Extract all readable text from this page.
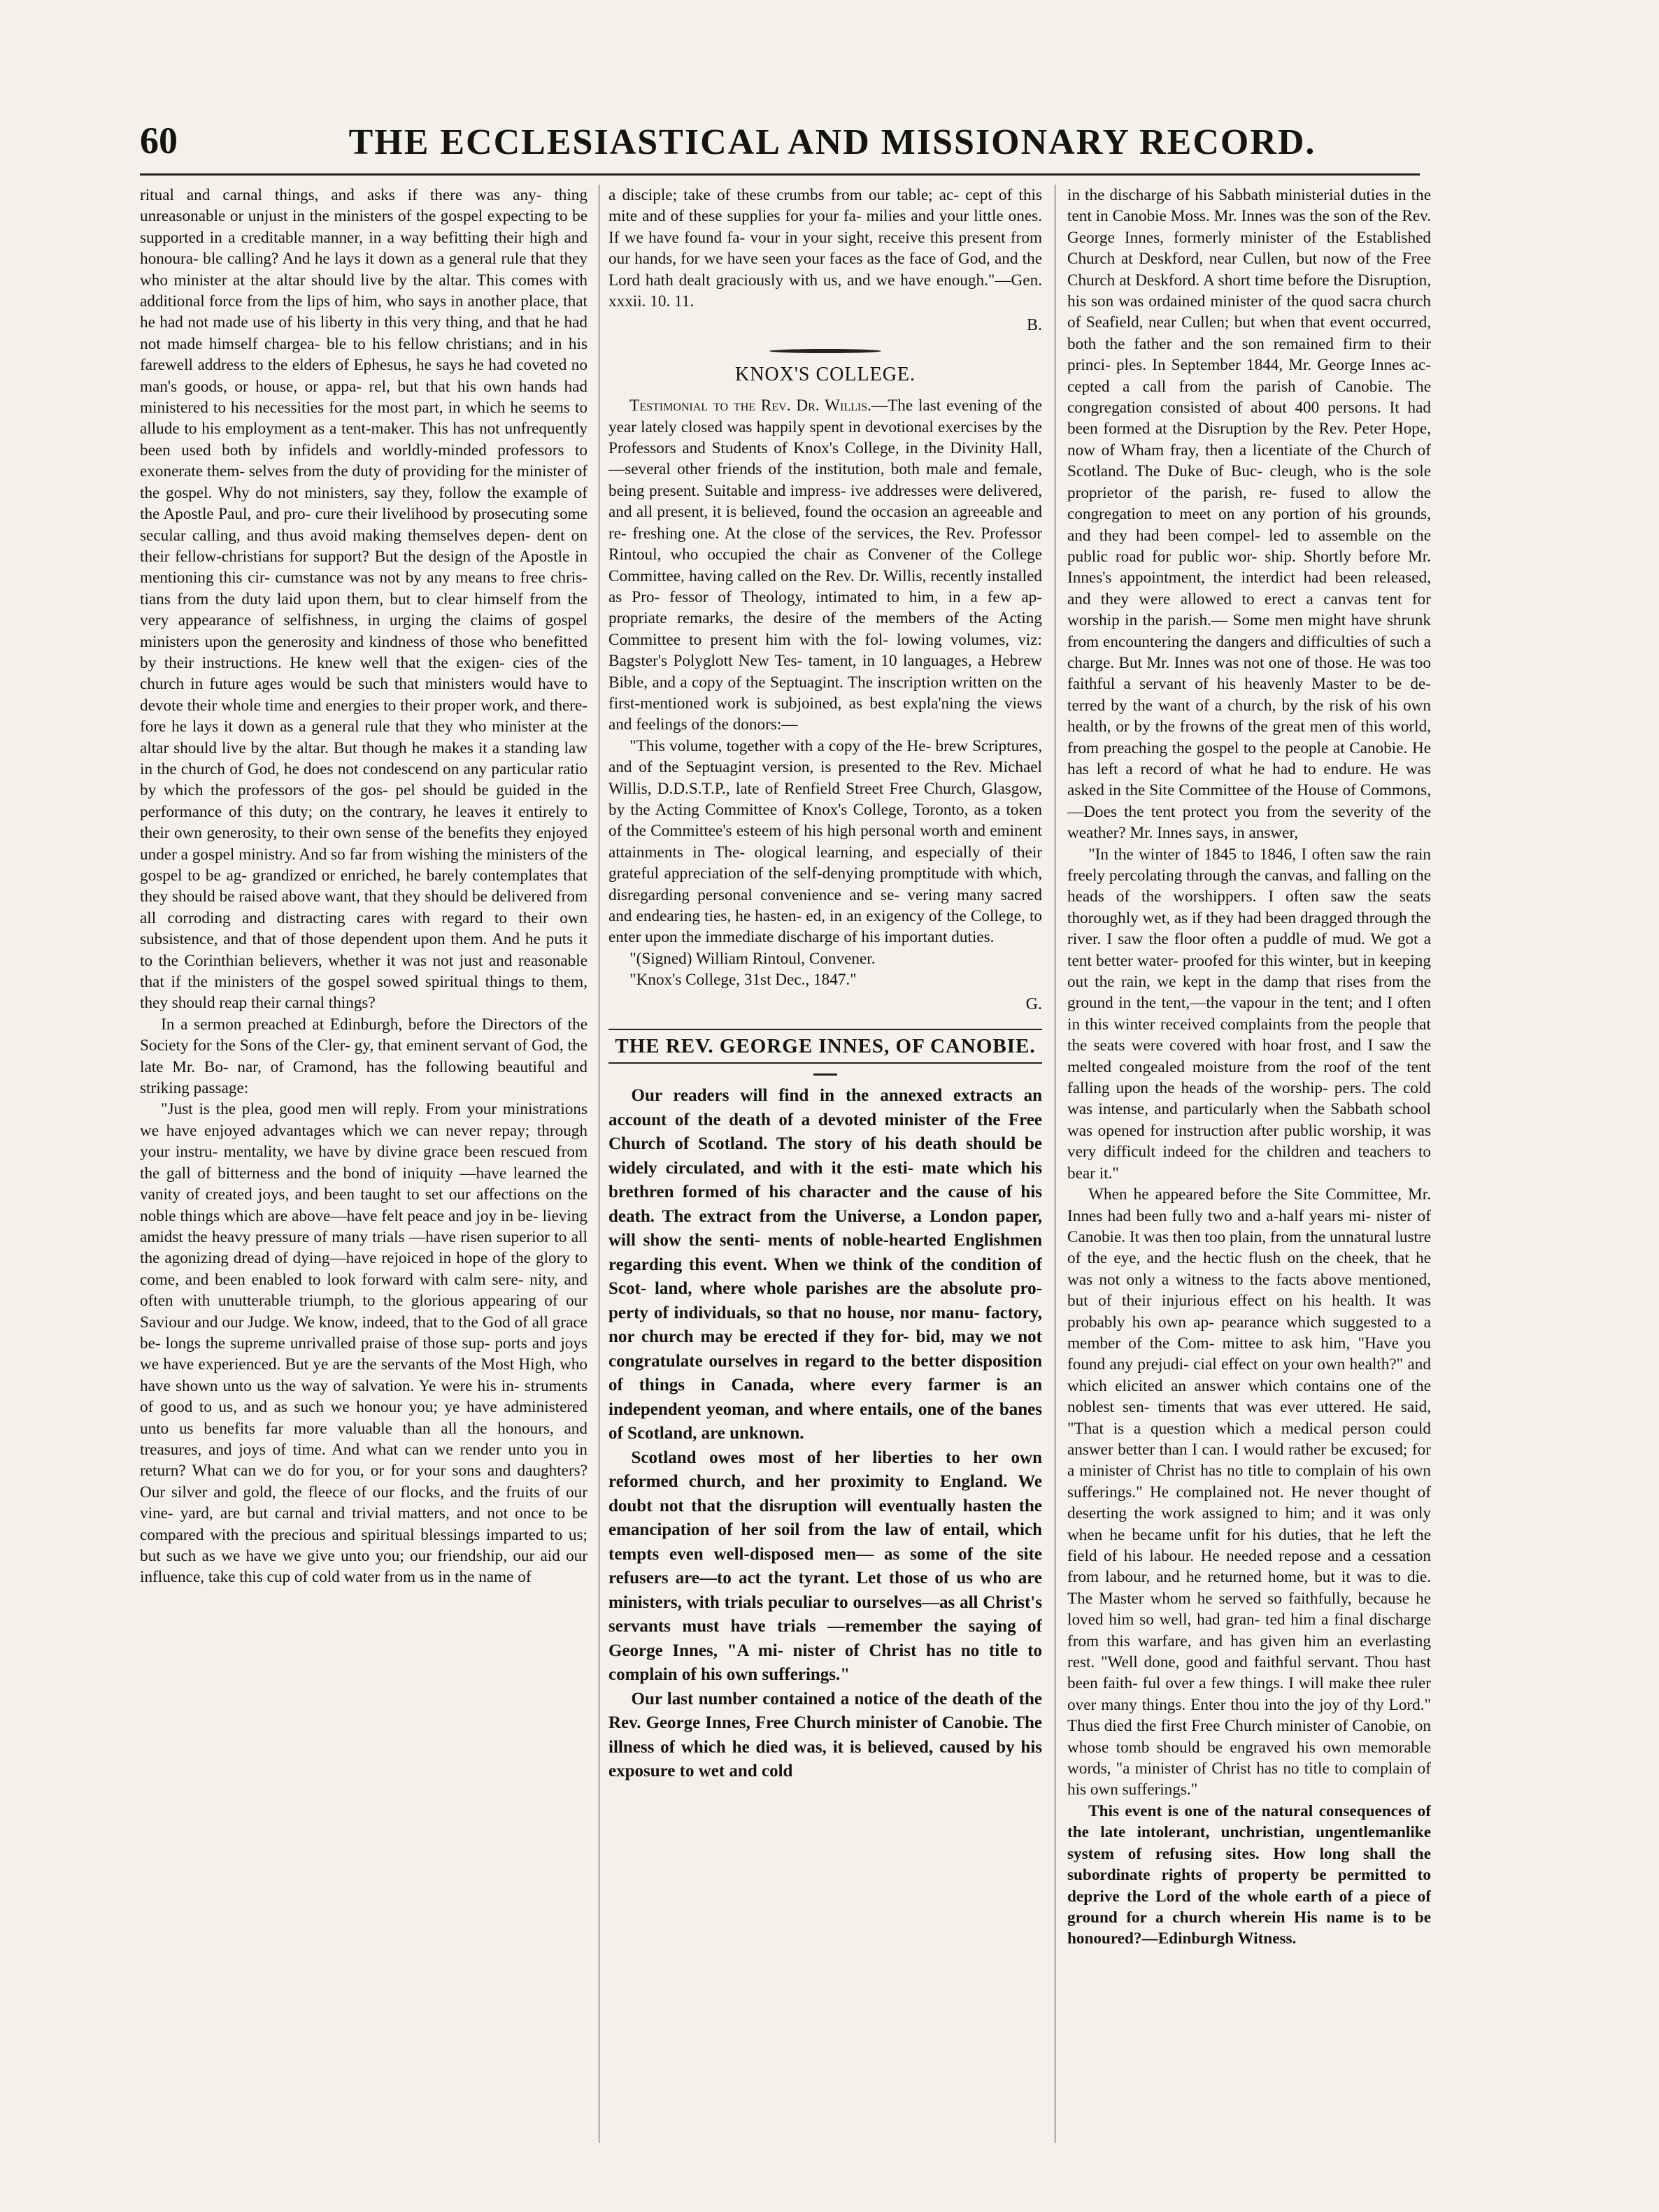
60	THE ECCLESIASTICAL AND MISSIONARY RECORD.

ritual and carnal things, and asks if there was any- thing unreasonable or unjust in the ministers of the gospel expecting to be supported in a creditable manner, in a way befitting their high and honoura- ble calling? And he lays it down as a general rule that they who minister at the altar should live by the altar. This comes with additional force from the lips of him, who says in another place, that he had not made use of his liberty in this very thing, and that he had not made himself chargea- ble to his fellow christians; and in his farewell address to the elders of Ephesus, he says he had coveted no man's goods, or house, or appa- rel, but that his own hands had ministered to his necessities for the most part, in which he seems to allude to his employment as a tent-maker. This has not unfrequently been used both by infidels and worldly-minded professors to exonerate them- selves from the duty of providing for the minister of the gospel. Why do not ministers, say they, follow the example of the Apostle Paul, and pro- cure their livelihood by prosecuting some secular calling, and thus avoid making themselves depen- dent on their fellow-christians for support? But the design of the Apostle in mentioning this cir- cumstance was not by any means to free chris- tians from the duty laid upon them, but to clear himself from the very appearance of selfishness, in urging the claims of gospel ministers upon the generosity and kindness of those who benefitted by their instructions. He knew well that the exigen- cies of the church in future ages would be such that ministers would have to devote their whole time and energies to their proper work, and there- fore he lays it down as a general rule that they who minister at the altar should live by the altar. But though he makes it a standing law in the church of God, he does not condescend on any particular ratio by which the professors of the gos- pel should be guided in the performance of this duty; on the contrary, he leaves it entirely to their own generosity, to their own sense of the benefits they enjoyed under a gospel ministry. And so far from wishing the ministers of the gospel to be ag- grandized or enriched, he barely contemplates that they should be raised above want, that they should be delivered from all corroding and distracting cares with regard to their own subsistence, and that of those dependent upon them. And he puts it to the Corinthian believers, whether it was not just and reasonable that if the ministers of the gospel sowed spiritual things to them, they should reap their carnal things?

In a sermon preached at Edinburgh, before the Directors of the Society for the Sons of the Cler- gy, that eminent servant of God, the late Mr. Bo- nar, of Cramond, has the following beautiful and striking passage:

"Just is the plea, good men will reply. From your ministrations we have enjoyed advantages which we can never repay; through your instru- mentality, we have by divine grace been rescued from the gall of bitterness and the bond of iniquity —have learned the vanity of created joys, and been taught to set our affections on the noble things which are above—have felt peace and joy in be- lieving amidst the heavy pressure of many trials —have risen superior to all the agonizing dread of dying—have rejoiced in hope of the glory to come, and been enabled to look forward with calm sere- nity, and often with unutterable triumph, to the glorious appearing of our Saviour and our Judge. We know, indeed, that to the God of all grace be- longs the supreme unrivalled praise of those sup- ports and joys we have experienced. But ye are the servants of the Most High, who have shown unto us the way of salvation. Ye were his in- struments of good to us, and as such we honour you; ye have administered unto us benefits far more valuable than all the honours, and treasures, and joys of time. And what can we render unto you in return? What can we do for you, or for your sons and daughters? Our silver and gold, the fleece of our flocks, and the fruits of our vine- yard, are but carnal and trivial matters, and not once to be compared with the precious and spiritual blessings imparted to us; but such as we have we give unto you; our friendship, our aid our influence, take this cup of cold water from us in the name of

a disciple; take of these crumbs from our table; ac- cept of this mite and of these supplies for your fa- milies and your little ones. If we have found fa- vour in your sight, receive this present from our hands, for we have seen your faces as the face of God, and the Lord hath dealt graciously with us, and we have enough."—Gen. xxxii. 10. 11.

B.
KNOX'S COLLEGE.

Testimonial to the Rev. Dr. Willis.—The last evening of the year lately closed was happily spent in devotional exercises by the Professors and Students of Knox's College, in the Divinity Hall, —several other friends of the institution, both male and female, being present. Suitable and impress- ive addresses were delivered, and all present, it is believed, found the occasion an agreeable and re- freshing one. At the close of the services, the Rev. Professor Rintoul, who occupied the chair as Convener of the College Committee, having called on the Rev. Dr. Willis, recently installed as Pro- fessor of Theology, intimated to him, in a few ap- propriate remarks, the desire of the members of the Acting Committee to present him with the fol- lowing volumes, viz: Bagster's Polyglott New Tes- tament, in 10 languages, a Hebrew Bible, and a copy of the Septuagint. The inscription written on the first-mentioned work is subjoined, as best expla'ning the views and feelings of the donors:—

"This volume, together with a copy of the He- brew Scriptures, and of the Septuagint version, is presented to the Rev. Michael Willis, D.D.S.T.P., late of Renfield Street Free Church, Glasgow, by the Acting Committee of Knox's College, Toronto, as a token of the Committee's esteem of his high personal worth and eminent attainments in The- ological learning, and especially of their grateful appreciation of the self-denying promptitude with which, disregarding personal convenience and se- vering many sacred and endearing ties, he hasten- ed, in an exigency of the College, to enter upon the immediate discharge of his important duties.

"(Signed) William Rintoul, Convener.

"Knox's College, 31st Dec., 1847."

G.
THE REV. GEORGE INNES, OF CANOBIE.

Our readers will find in the annexed extracts an account of the death of a devoted minister of the Free Church of Scotland. The story of his death should be widely circulated, and with it the esti- mate which his brethren formed of his character and the cause of his death. The extract from the Universe, a London paper, will show the senti- ments of noble-hearted Englishmen regarding this event. When we think of the condition of Scot- land, where whole parishes are the absolute pro- perty of individuals, so that no house, nor manu- factory, nor church may be erected if they for- bid, may we not congratulate ourselves in regard to the better disposition of things in Canada, where every farmer is an independent yeoman, and where entails, one of the banes of Scotland, are unknown.

Scotland owes most of her liberties to her own reformed church, and her proximity to England. We doubt not that the disruption will eventually hasten the emancipation of her soil from the law of entail, which tempts even well-disposed men— as some of the site refusers are—to act the tyrant. Let those of us who are ministers, with trials peculiar to ourselves—as all Christ's servants must have trials —remember the saying of George Innes, "A mi- nister of Christ has no title to complain of his own sufferings."

Our last number contained a notice of the death of the Rev. George Innes, Free Church minister of Canobie. The illness of which he died was, it is believed, caused by his exposure to wet and cold

in the discharge of his Sabbath ministerial duties in the tent in Canobie Moss. Mr. Innes was the son of the Rev. George Innes, formerly minister of the Established Church at Deskford, near Cullen, but now of the Free Church at Deskford. A short time before the Disruption, his son was ordained minister of the quod sacra church of Seafield, near Cullen; but when that event occurred, both the father and the son remained firm to their princi- ples. In September 1844, Mr. George Innes ac- cepted a call from the parish of Canobie. The congregation consisted of about 400 persons. It had been formed at the Disruption by the Rev. Peter Hope, now of Wham fray, then a licentiate of the Church of Scotland. The Duke of Buc- cleugh, who is the sole proprietor of the parish, re- fused to allow the congregation to meet on any portion of his grounds, and they had been compel- led to assemble on the public road for public wor- ship. Shortly before Mr. Innes's appointment, the interdict had been released, and they were allowed to erect a canvas tent for worship in the parish.— Some men might have shrunk from encountering the dangers and difficulties of such a charge. But Mr. Innes was not one of those. He was too faithful a servant of his heavenly Master to be de- terred by the want of a church, by the risk of his own health, or by the frowns of the great men of this world, from preaching the gospel to the people at Canobie. He has left a record of what he had to endure. He was asked in the Site Committee of the House of Commons,—Does the tent protect you from the severity of the weather? Mr. Innes says, in answer,

"In the winter of 1845 to 1846, I often saw the rain freely percolating through the canvas, and falling on the heads of the worshippers. I often saw the seats thoroughly wet, as if they had been dragged through the river. I saw the floor often a puddle of mud. We got a tent better water- proofed for this winter, but in keeping out the rain, we kept in the damp that rises from the ground in the tent,—the vapour in the tent; and I often in this winter received complaints from the people that the seats were covered with hoar frost, and I saw the melted congealed moisture from the roof of the tent falling upon the heads of the worship- pers. The cold was intense, and particularly when the Sabbath school was opened for instruction after public worship, it was very difficult indeed for the children and teachers to bear it."

When he appeared before the Site Committee, Mr. Innes had been fully two and a-half years mi- nister of Canobie. It was then too plain, from the unnatural lustre of the eye, and the hectic flush on the cheek, that he was not only a witness to the facts above mentioned, but of their injurious effect on his health. It was probably his own ap- pearance which suggested to a member of the Com- mittee to ask him, "Have you found any prejudi- cial effect on your own health?" and which elicited an answer which contains one of the noblest sen- timents that was ever uttered. He said, "That is a question which a medical person could answer better than I can. I would rather be excused; for a minister of Christ has no title to complain of his own sufferings." He complained not. He never thought of deserting the work assigned to him; and it was only when he became unfit for his duties, that he left the field of his labour. He needed repose and a cessation from labour, and he returned home, but it was to die. The Master whom he served so faithfully, because he loved him so well, had gran- ted him a final discharge from this warfare, and has given him an everlasting rest. "Well done, good and faithful servant. Thou hast been faith- ful over a few things. I will make thee ruler over many things. Enter thou into the joy of thy Lord." Thus died the first Free Church minister of Canobie, on whose tomb should be engraved his own memorable words, "a minister of Christ has no title to complain of his own sufferings."

This event is one of the natural consequences of the late intolerant, unchristian, ungentlemanlike system of refusing sites. How long shall the subordinate rights of property be permitted to deprive the Lord of the whole earth of a piece of ground for a church wherein His name is to be honoured?—Edinburgh Witness.
